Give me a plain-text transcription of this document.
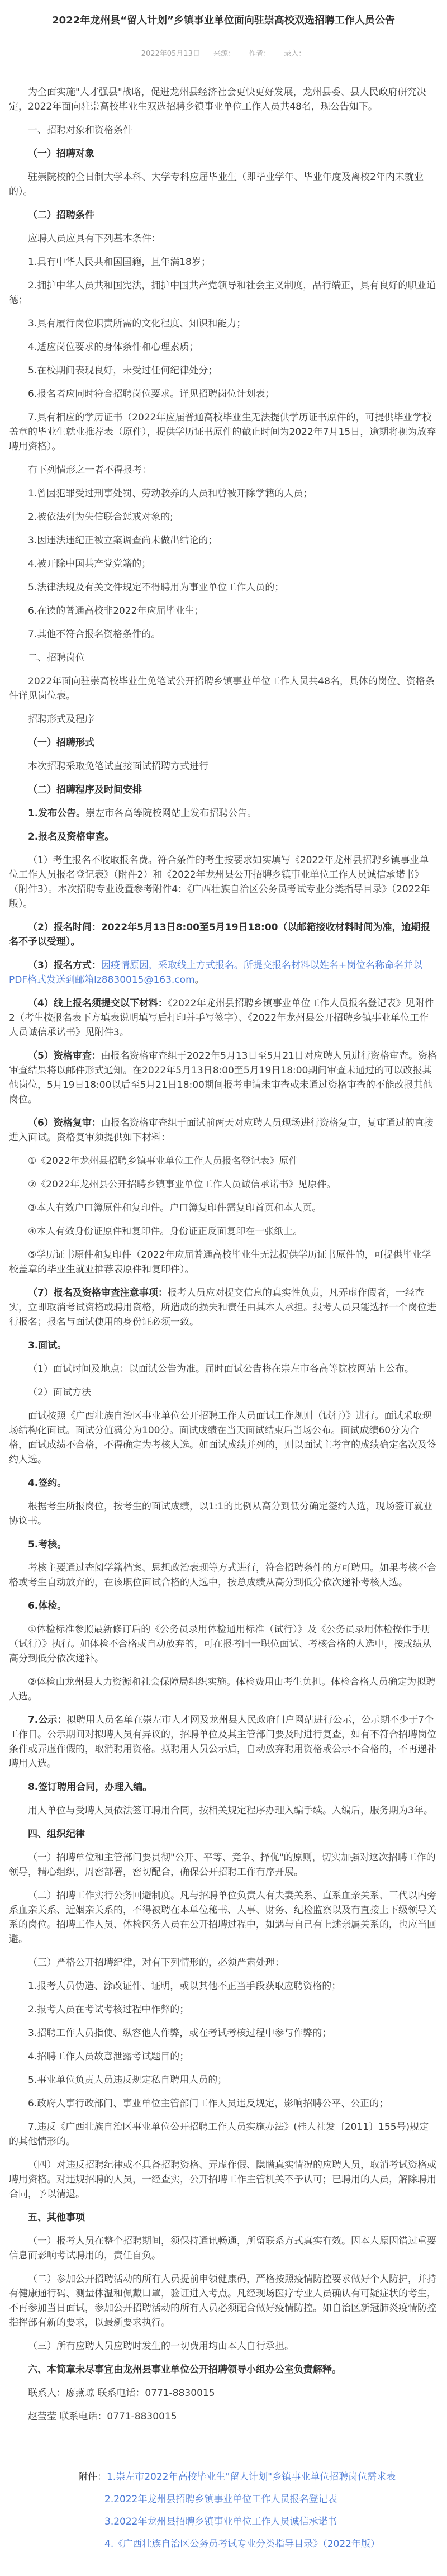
2022年龙州县“留人计划”乡镇事业单位面向驻崇高校双选招聘工作人员公告
2022年05月13日 来源： 作者： 录入：

为全面实施"人才强县"战略，促进龙州县经济社会更快更好发展，龙州县委、县人民政府研究决定，2022年面向驻崇高校毕业生双选招聘乡镇事业单位工作人员共48名，现公告如下。

一、招聘对象和资格条件

（一）招聘对象

驻崇院校的全日制大学本科、大学专科应届毕业生（即毕业学年、毕业年度及离校2年内未就业的）。

（二）招聘条件

应聘人员应具有下列基本条件：

1.具有中华人民共和国国籍，且年满18岁；

2.拥护中华人员共和国宪法，拥护中国共产党领导和社会主义制度，品行端正，具有良好的职业道德；

3.具有履行岗位职责所需的文化程度、知识和能力；

4.适应岗位要求的身体条件和心理素质；

5.在校期间表现良好，未受过任何纪律处分；

6.报名者应同时符合招聘岗位要求。详见招聘岗位计划表；

7.具有相应的学历证书（2022年应届普通高校毕业生无法提供学历证书原件的，可提供毕业学校盖章的毕业生就业推荐表（原件），提供学历证书原件的截止时间为2022年7月15日，逾期将视为放弃聘用资格）。

有下列情形之一者不得报考：

1.曾因犯罪受过刑事处罚、劳动教养的人员和曾被开除学籍的人员；

2.被依法列为失信联合惩戒对象的;

3.因违法违纪正被立案调查尚未做出结论的；

4.被开除中国共产党党籍的；

5.法律法规及有关文件规定不得聘用为事业单位工作人员的；

6.在读的普通高校非2022年应届毕业生；

7.其他不符合报名资格条件的。

二、招聘岗位

2022年面向驻崇高校毕业生免笔试公开招聘乡镇事业单位工作人员共48名，具体的岗位、资格条件详见岗位表。

招聘形式及程序

（一）招聘形式

本次招聘采取免笔试直接面试招聘方式进行

（二）招聘程序及时间安排

1.发布公告。崇左市各高等院校网站上发布招聘公告。

2.报名及资格审查。

（1）考生报名不收取报名费。符合条件的考生按要求如实填写《2022年龙州县招聘乡镇事业单位工作人员报名登记表》（附件2）和《2022年龙州县公开招聘乡镇事业单位工作人员诚信承诺书》（附件3）。本次招聘专业设置参考附件4：《广西壮族自治区公务员考试专业分类指导目录》（2022年版）。

（2）报名时间：2022年5月13日8:00至5月19日18:00（以邮箱接收材料时间为准，逾期报名不予以受理）。

（3）报名方式：因疫情原因，采取线上方式报名。所提交报名材料以姓名+岗位名称命名并以PDF格式发送到邮箱lz8830015@163.com。

（4）线上报名须提交以下材料：《2022年龙州县招聘乡镇事业单位工作人员报名登记表》见附件2（考生按报名表下方填表说明填写后打印并手写签字）、《2022年龙州县公开招聘乡镇事业单位工作人员诚信承诺书》见附件3。

（5）资格审查：由报名资格审查组于2022年5月13日至5月21日对应聘人员进行资格审查。资格审查结果将以邮件形式通知。在2022年5月13日8:00至5月19日18:00期间审查未通过的可以改报其他岗位，5月19日18:00以后至5月21日18:00期间报考申请未审查或未通过资格审查的不能改报其他岗位。

（6）资格复审：由报名资格审查组于面试前两天对应聘人员现场进行资格复审，复审通过的直接进入面试。资格复审须提供如下材料：

①《2022年龙州县招聘乡镇事业单位工作人员报名登记表》原件

②《2022年龙州县公开招聘乡镇事业单位工作人员诚信承诺书》见原件。

③本人有效户口簿原件和复印件。户口簿复印件需复印首页和本人页。

④本人有效身份证原件和复印件。身份证正反面复印在一张纸上。

⑤学历证书原件和复印件（2022年应届普通高校毕业生无法提供学历证书原件的，可提供毕业学校盖章的毕业生就业推荐表原件和复印件）。

（7）报名及资格审查注意事项：报考人员应对提交信息的真实性负责，凡弄虚作假者，一经查实，立即取消考试资格或聘用资格，所造成的损失和责任由其本人承担。报考人员只能选择一个岗位进行报名；报名与面试使用的身份证必须一致。

3.面试。

（1）面试时间及地点：以面试公告为准。届时面试公告将在崇左市各高等院校网站上公布。

（2）面试方法

面试按照《广西壮族自治区事业单位公开招聘工作人员面试工作规则（试行）》进行。面试采取现场结构化面试。面试分值满分为100分。面试成绩在当天面试结束后当场公布。面试成绩60分为合格，面试成绩不合格，不得确定为考核人选。如面试成绩并列的，则以面试主考官的成绩确定名次及签约人选。

4.签约。

根据考生所报岗位，按考生的面试成绩，以1:1的比例从高分到低分确定签约人选，现场签订就业协议书。

5.考核。

考核主要通过查阅学籍档案、思想政治表现等方式进行，符合招聘条件的方可聘用。如果考核不合格或考生自动放弃的，在该职位面试合格的人选中，按总成绩从高分到低分依次递补考核人选。

6.体检。

①体检标准参照最新修订后的《公务员录用体检通用标准（试行）》及《公务员录用体检操作手册（试行）》执行。如体检不合格或自动放弃的，可在报考同一职位面试、考核合格的人选中，按成绩从高分到低分依次递补。

②体检由龙州县人力资源和社会保障局组织实施。体检费用由考生负担。体检合格人员确定为拟聘人选。

7.公示：拟聘用人员名单在崇左市人才网及龙州县人民政府门户网站进行公示，公示期不少于7个工作日。公示期间对拟聘人员有异议的，招聘单位及其主管部门要及时进行复查，如有不符合招聘岗位条件或弄虚作假的，取消聘用资格。拟聘用人员公示后，自动放弃聘用资格或公示不合格的，不再递补聘用人选。

8.签订聘用合同，办理入编。

用人单位与受聘人员依法签订聘用合同，按相关规定程序办理入编手续。入编后，服务期为3年。

四、组织纪律

（一）招聘单位和主管部门要贯彻"公开、平等、竞争、择优"的原则，切实加强对这次招聘工作的领导，精心组织，周密部署，密切配合，确保公开招聘工作有序开展。

（二）招聘工作实行公务回避制度。凡与招聘单位负责人有夫妻关系、直系血亲关系、三代以内旁系血亲关系、近姻亲关系的，不得被聘在本单位秘书、人事、财务、纪检监察以及有直接上下级领导关系的岗位。招聘工作人员、体检医务人员在公开招聘过程中，如遇与自己有上述亲属关系的，也应当回避。

（三）严格公开招聘纪律，对有下列情形的，必须严肃处理：

1.报考人员伪造、涂改证件、证明，或以其他不正当手段获取应聘资格的；

2.报考人员在考试考核过程中作弊的；

3.招聘工作人员指使、纵容他人作弊，或在考试考核过程中参与作弊的；

4.招聘工作人员故意泄露考试题目的；

5.事业单位负责人员违反规定私自聘用人员的；

6.政府人事行政部门、事业单位主管部门工作人员违反规定，影响招聘公平、公正的；

7.违反《广西壮族自治区事业单位公开招聘工作人员实施办法》(桂人社发〔2011〕155号)规定的其他情形的。

（四）对违反招聘纪律或不具备招聘资格、弄虚作假、隐瞒真实情况的应聘人员，取消考试资格或聘用资格。对违规招聘的人员，一经查实，公开招聘工作主管机关不予认可；已聘用的人员，解除聘用合同，予以清退。

五、其他事项

（一）报考人员在整个招聘期间，须保持通讯畅通，所留联系方式真实有效。因本人原因错过重要信息而影响考试聘用的，责任自负。

（二）参加公开招聘活动的所有人员提前申领健康码，严格按照疫情防控要求做好个人防护，并持有健康通行码、测量体温和佩戴口罩，验证进入考点。凡经现场医疗专业人员确认有可疑症状的考生，不再参加当日面试，参加公开招聘活动的所有人员必须配合做好疫情防控。如自治区新冠肺炎疫情防控指挥部有新的要求，以最新要求执行。

（三）所有应聘人员应聘时发生的一切费用均由本人自行承担。

六、本简章未尽事宜由龙州县事业单位公开招聘领导小组办公室负责解释。

联系人：廖燕琼 联系电话：0771-8830015

赵莹莹 联系电话：0771-8830015

附件：1.崇左市2022年高校毕业生"留人计划"乡镇事业单位招聘岗位需求表
2.2022年龙州县招聘乡镇事业单位工作人员报名登记表
3.2022年龙州县招聘乡镇事业单位工作人员诚信承诺书
4.《广西壮族自治区公务员考试专业分类指导目录》（2022年版）
